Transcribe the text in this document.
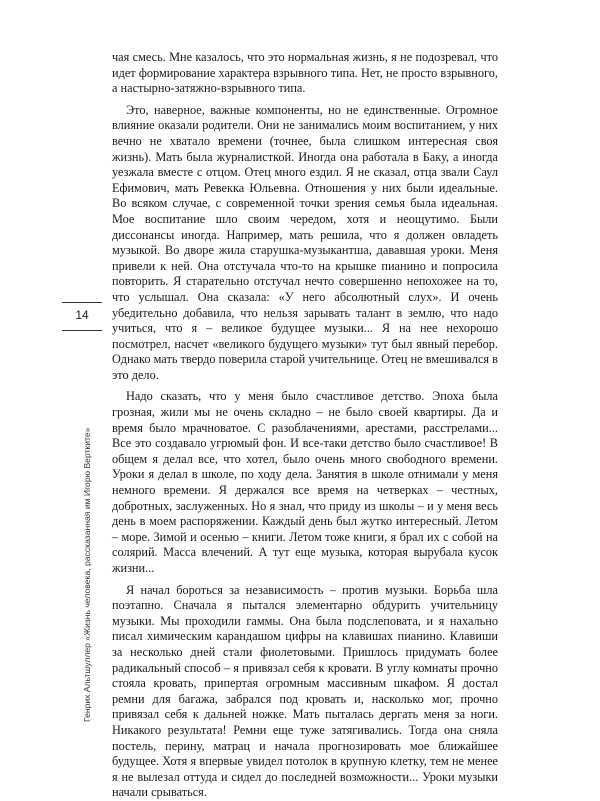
чая смесь. Мне казалось, что это нормальная жизнь, я не подозревал, что идет формирование характера взрывного типа. Нет, не просто взрывного, а настырно-затяжно-взрывного типа.

Это, наверное, важные компоненты, но не единственные. Огромное влияние оказали родители. Они не занимались моим воспитанием, у них вечно не хватало времени (точнее, была слишком интересная своя жизнь). Мать была журналисткой. Иногда она работала в Баку, а иногда уезжала вместе с отцом. Отец много ездил. Я не сказал, отца звали Саул Ефимович, мать Ревекка Юльевна. Отношения у них были идеальные. Во всяком случае, с современной точки зрения семья была идеальная. Мое воспитание шло своим чередом, хотя и неощутимо. Были диссонансы иногда. Например, мать решила, что я должен овладеть музыкой. Во дворе жила старушка-музыкантша, дававшая уроки. Меня привели к ней. Она отстучала что-то на крышке пианино и попросила повторить. Я старательно отстучал нечто совершенно непохожее на то, что услышал. Она сказала: «У него абсолютный слух». И очень убедительно добавила, что нельзя зарывать талант в землю, что надо учиться, что я – великое будущее музыки... Я на нее нехорошо посмотрел, насчет «великого будущего музыки» тут был явный перебор. Однако мать твердо поверила старой учительнице. Отец не вмешивался в это дело.

Надо сказать, что у меня было счастливое детство. Эпоха была грозная, жили мы не очень складно – не было своей квартиры. Да и время было мрачноватое. С разоблачениями, арестами, расстрелами... Все это создавало угрюмый фон. И все-таки детство было счастливое! В общем я делал все, что хотел, было очень много свободного времени. Уроки я делал в школе, по ходу дела. Занятия в школе отнимали у меня немного времени. Я держался все время на четверках – честных, добротных, заслуженных. Но я знал, что приду из школы – и у меня весь день в моем распоряжении. Каждый день был жутко интересный. Летом – море. Зимой и осенью – книги. Летом тоже книги, я брал их с собой на солярий. Масса влечений. А тут еще музыка, которая вырубала кусок жизни...

Я начал бороться за независимость – против музыки. Борьба шла поэтапно. Сначала я пытался элементарно обдурить учительницу музыки. Мы проходили гаммы. Она была подслеповата, и я нахально писал химическим карандашом цифры на клавишах пианино. Клавиши за несколько дней стали фиолетовыми. Пришлось придумать более радикальный способ – я привязал себя к кровати. В углу комнаты прочно стояла кровать, припертая огромным массивным шкафом. Я достал ремни для багажа, забрался под кровать и, насколько мог, прочно привязал себя к дальней ножке. Мать пыталась дергать меня за ноги. Никакого результата! Ремни еще туже затягивались. Тогда она сняла постель, перину, матрац и начала прогнозировать мое ближайшее будущее. Хотя я впервые увидел потолок в крупную клетку, тем не менее я не вылезал оттуда и сидел до последней возможности... Уроки музыки начали срываться.

14
Генрих Альтшуллер «Жизнь человека, рассказанная им Игорю Вертките»
